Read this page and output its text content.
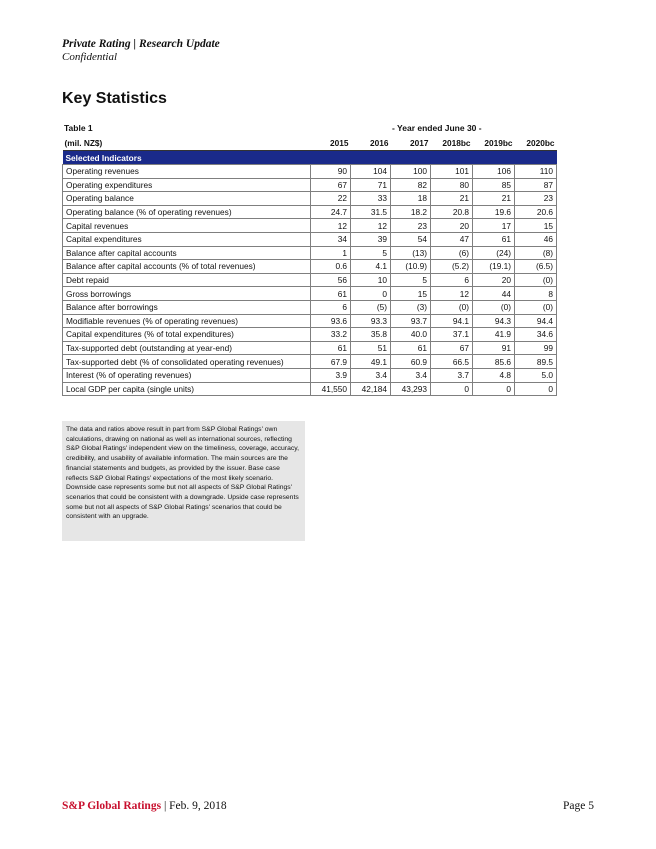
Private Rating | Research Update
Confidential
Key Statistics
Table 1	- Year ended June 30 -
(mil. NZ$)	2015	2016	2017	2018bc	2019bc	2020bc
Selected Indicators						
Operating revenues	90	104	100	101	106	110
Operating expenditures	67	71	82	80	85	87
Operating balance	22	33	18	21	21	23
Operating balance (% of operating revenues)	24.7	31.5	18.2	20.8	19.6	20.6
Capital revenues	12	12	23	20	17	15
Capital expenditures	34	39	54	47	61	46
Balance after capital accounts	1	5	(13)	(6)	(24)	(8)
Balance after capital accounts (% of total revenues)	0.6	4.1	(10.9)	(5.2)	(19.1)	(6.5)
Debt repaid	56	10	5	6	20	(0)
Gross borrowings	61	0	15	12	44	8
Balance after borrowings	6	(5)	(3)	(0)	(0)	(0)
Modifiable revenues (% of operating revenues)	93.6	93.3	93.7	94.1	94.3	94.4
Capital expenditures (% of total expenditures)	33.2	35.8	40.0	37.1	41.9	34.6
Tax-supported debt (outstanding at year-end)	61	51	61	67	91	99
Tax-supported debt (% of consolidated operating revenues)	67.9	49.1	60.9	66.5	85.6	89.5
Interest (% of operating revenues)	3.9	3.4	3.4	3.7	4.8	5.0
Local GDP per capita (single units)	41,550	42,184	43,293	0	0	0
The data and ratios above result in part from S&P Global Ratings' own calculations, drawing on national as well as international sources, reflecting S&P Global Ratings' independent view on the timeliness, coverage, accuracy, credibility, and usability of available information. The main sources are the financial statements and budgets, as provided by the issuer. Base case reflects S&P Global Ratings' expectations of the most likely scenario. Downside case represents some but not all aspects of S&P Global Ratings' scenarios that could be consistent with a downgrade. Upside case represents some but not all aspects of S&P Global Ratings' scenarios that could be consistent with an upgrade.
S&P Global Ratings | Feb. 9, 2018	Page 5
